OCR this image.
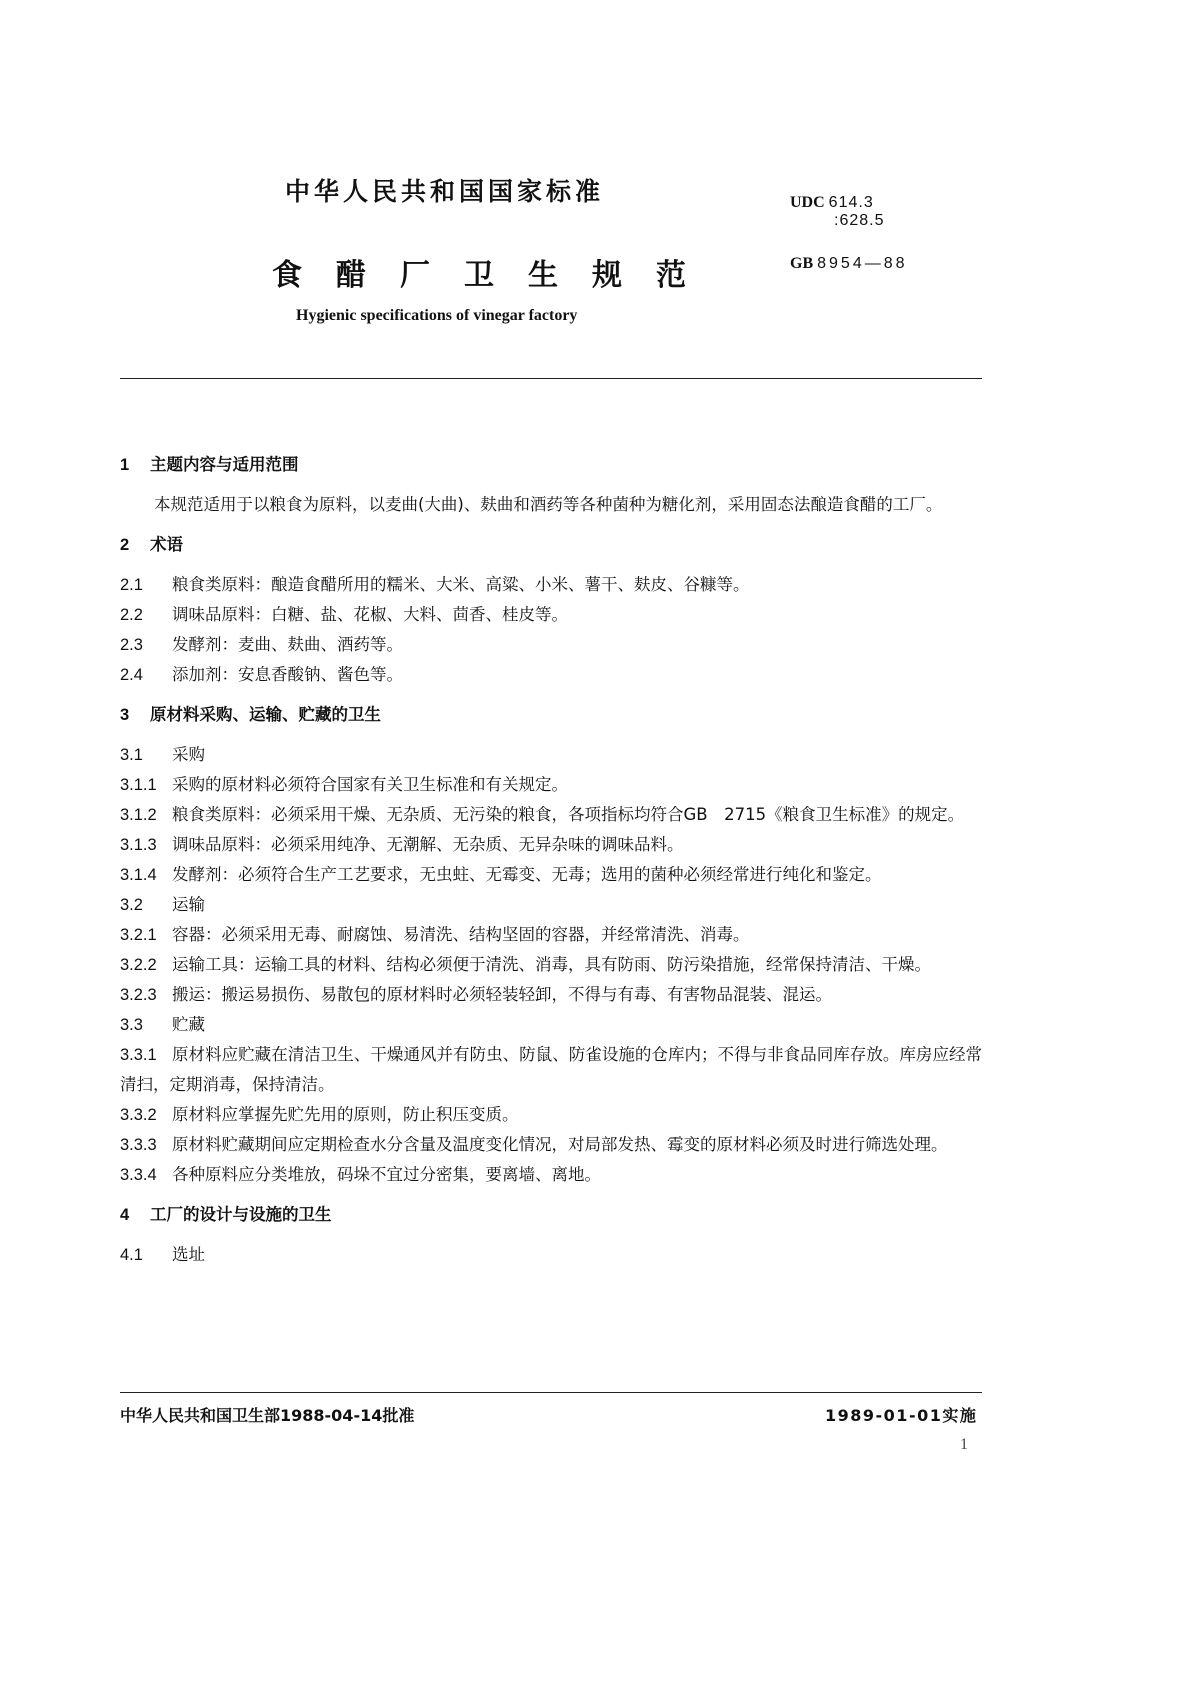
中华人民共和国国家标准	UDC 614.3
:628.5
食醋厂卫生规范	GB 8954—88
Hygienic specifications of vinegar factory
1 主题内容与适用范围
本规范适用于以粮食为原料，以麦曲(大曲)、麸曲和酒药等各种菌种为糖化剂，采用固态法酿造食醋的工厂。
2 术语
2.1 粮食类原料：酿造食醋所用的糯米、大米、高粱、小米、薯干、麸皮、谷糠等。
2.2 调味品原料：白糖、盐、花椒、大料、茴香、桂皮等。
2.3 发酵剂：麦曲、麸曲、酒药等。
2.4 添加剂：安息香酸钠、酱色等。
3 原材料采购、运输、贮藏的卫生
3.1 采购
3.1.1 采购的原材料必须符合国家有关卫生标准和有关规定。
3.1.2 粮食类原料：必须采用干燥、无杂质、无污染的粮食，各项指标均符合GB　2715《粮食卫生标准》的规定。
3.1.3 调味品原料：必须采用纯净、无潮解、无杂质、无异杂味的调味品料。
3.1.4 发酵剂：必须符合生产工艺要求，无虫蛀、无霉变、无毒；选用的菌种必须经常进行纯化和鉴定。
3.2 运输
3.2.1 容器：必须采用无毒、耐腐蚀、易清洗、结构坚固的容器，并经常清洗、消毒。
3.2.2 运输工具：运输工具的材料、结构必须便于清洗、消毒，具有防雨、防污染措施，经常保持清洁、干燥。
3.2.3 搬运：搬运易损伤、易散包的原材料时必须轻装轻卸，不得与有毒、有害物品混装、混运。
3.3 贮藏
3.3.1 原材料应贮藏在清洁卫生、干燥通风并有防虫、防鼠、防雀设施的仓库内；不得与非食品同库存放。库房应经常清扫，定期消毒，保持清洁。
3.3.2 原材料应掌握先贮先用的原则，防止积压变质。
3.3.3 原材料贮藏期间应定期检查水分含量及温度变化情况，对局部发热、霉变的原材料必须及时进行筛选处理。
3.3.4 各种原料应分类堆放，码垛不宜过分密集，要离墙、离地。
4 工厂的设计与设施的卫生
4.1 选址
中华人民共和国卫生部1988-04-14批准	1989-01-01实施
1
